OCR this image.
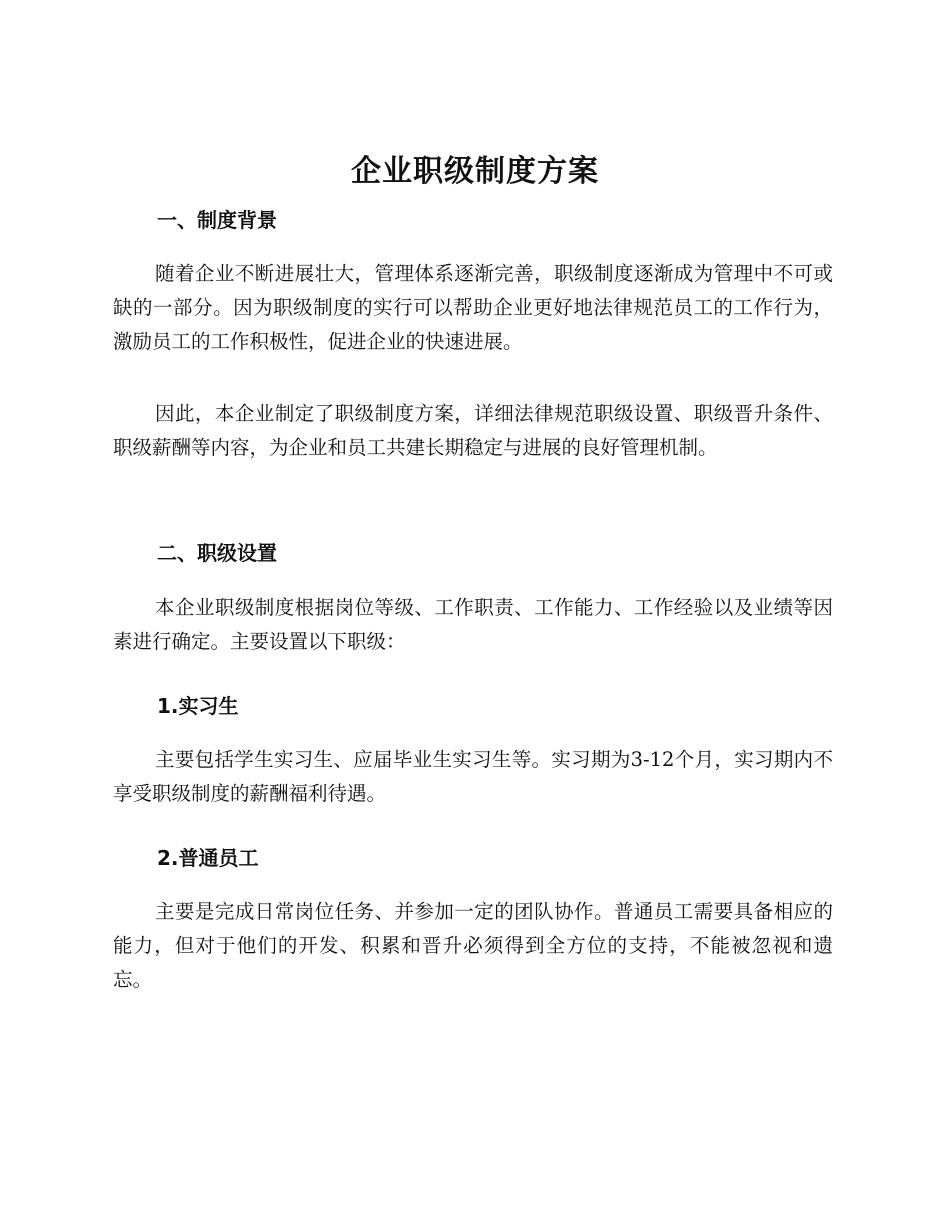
企业职级制度方案
一、制度背景

随着企业不断进展壮大，管理体系逐渐完善，职级制度逐渐成为管理中不可或缺的一部分。因为职级制度的实行可以帮助企业更好地法律规范员工的工作行为，激励员工的工作积极性，促进企业的快速进展。

因此，本企业制定了职级制度方案，详细法律规范职级设置、职级晋升条件、职级薪酬等内容，为企业和员工共建长期稳定与进展的良好管理机制。

二、职级设置

本企业职级制度根据岗位等级、工作职责、工作能力、工作经验以及业绩等因素进行确定。主要设置以下职级：

1.实习生

主要包括学生实习生、应届毕业生实习生等。实习期为3-12个月，实习期内不享受职级制度的薪酬福利待遇。

2.普通员工

主要是完成日常岗位任务、并参加一定的团队协作。普通员工需要具备相应的能力，但对于他们的开发、积累和晋升必须得到全方位的支持，不能被忽视和遗忘。
